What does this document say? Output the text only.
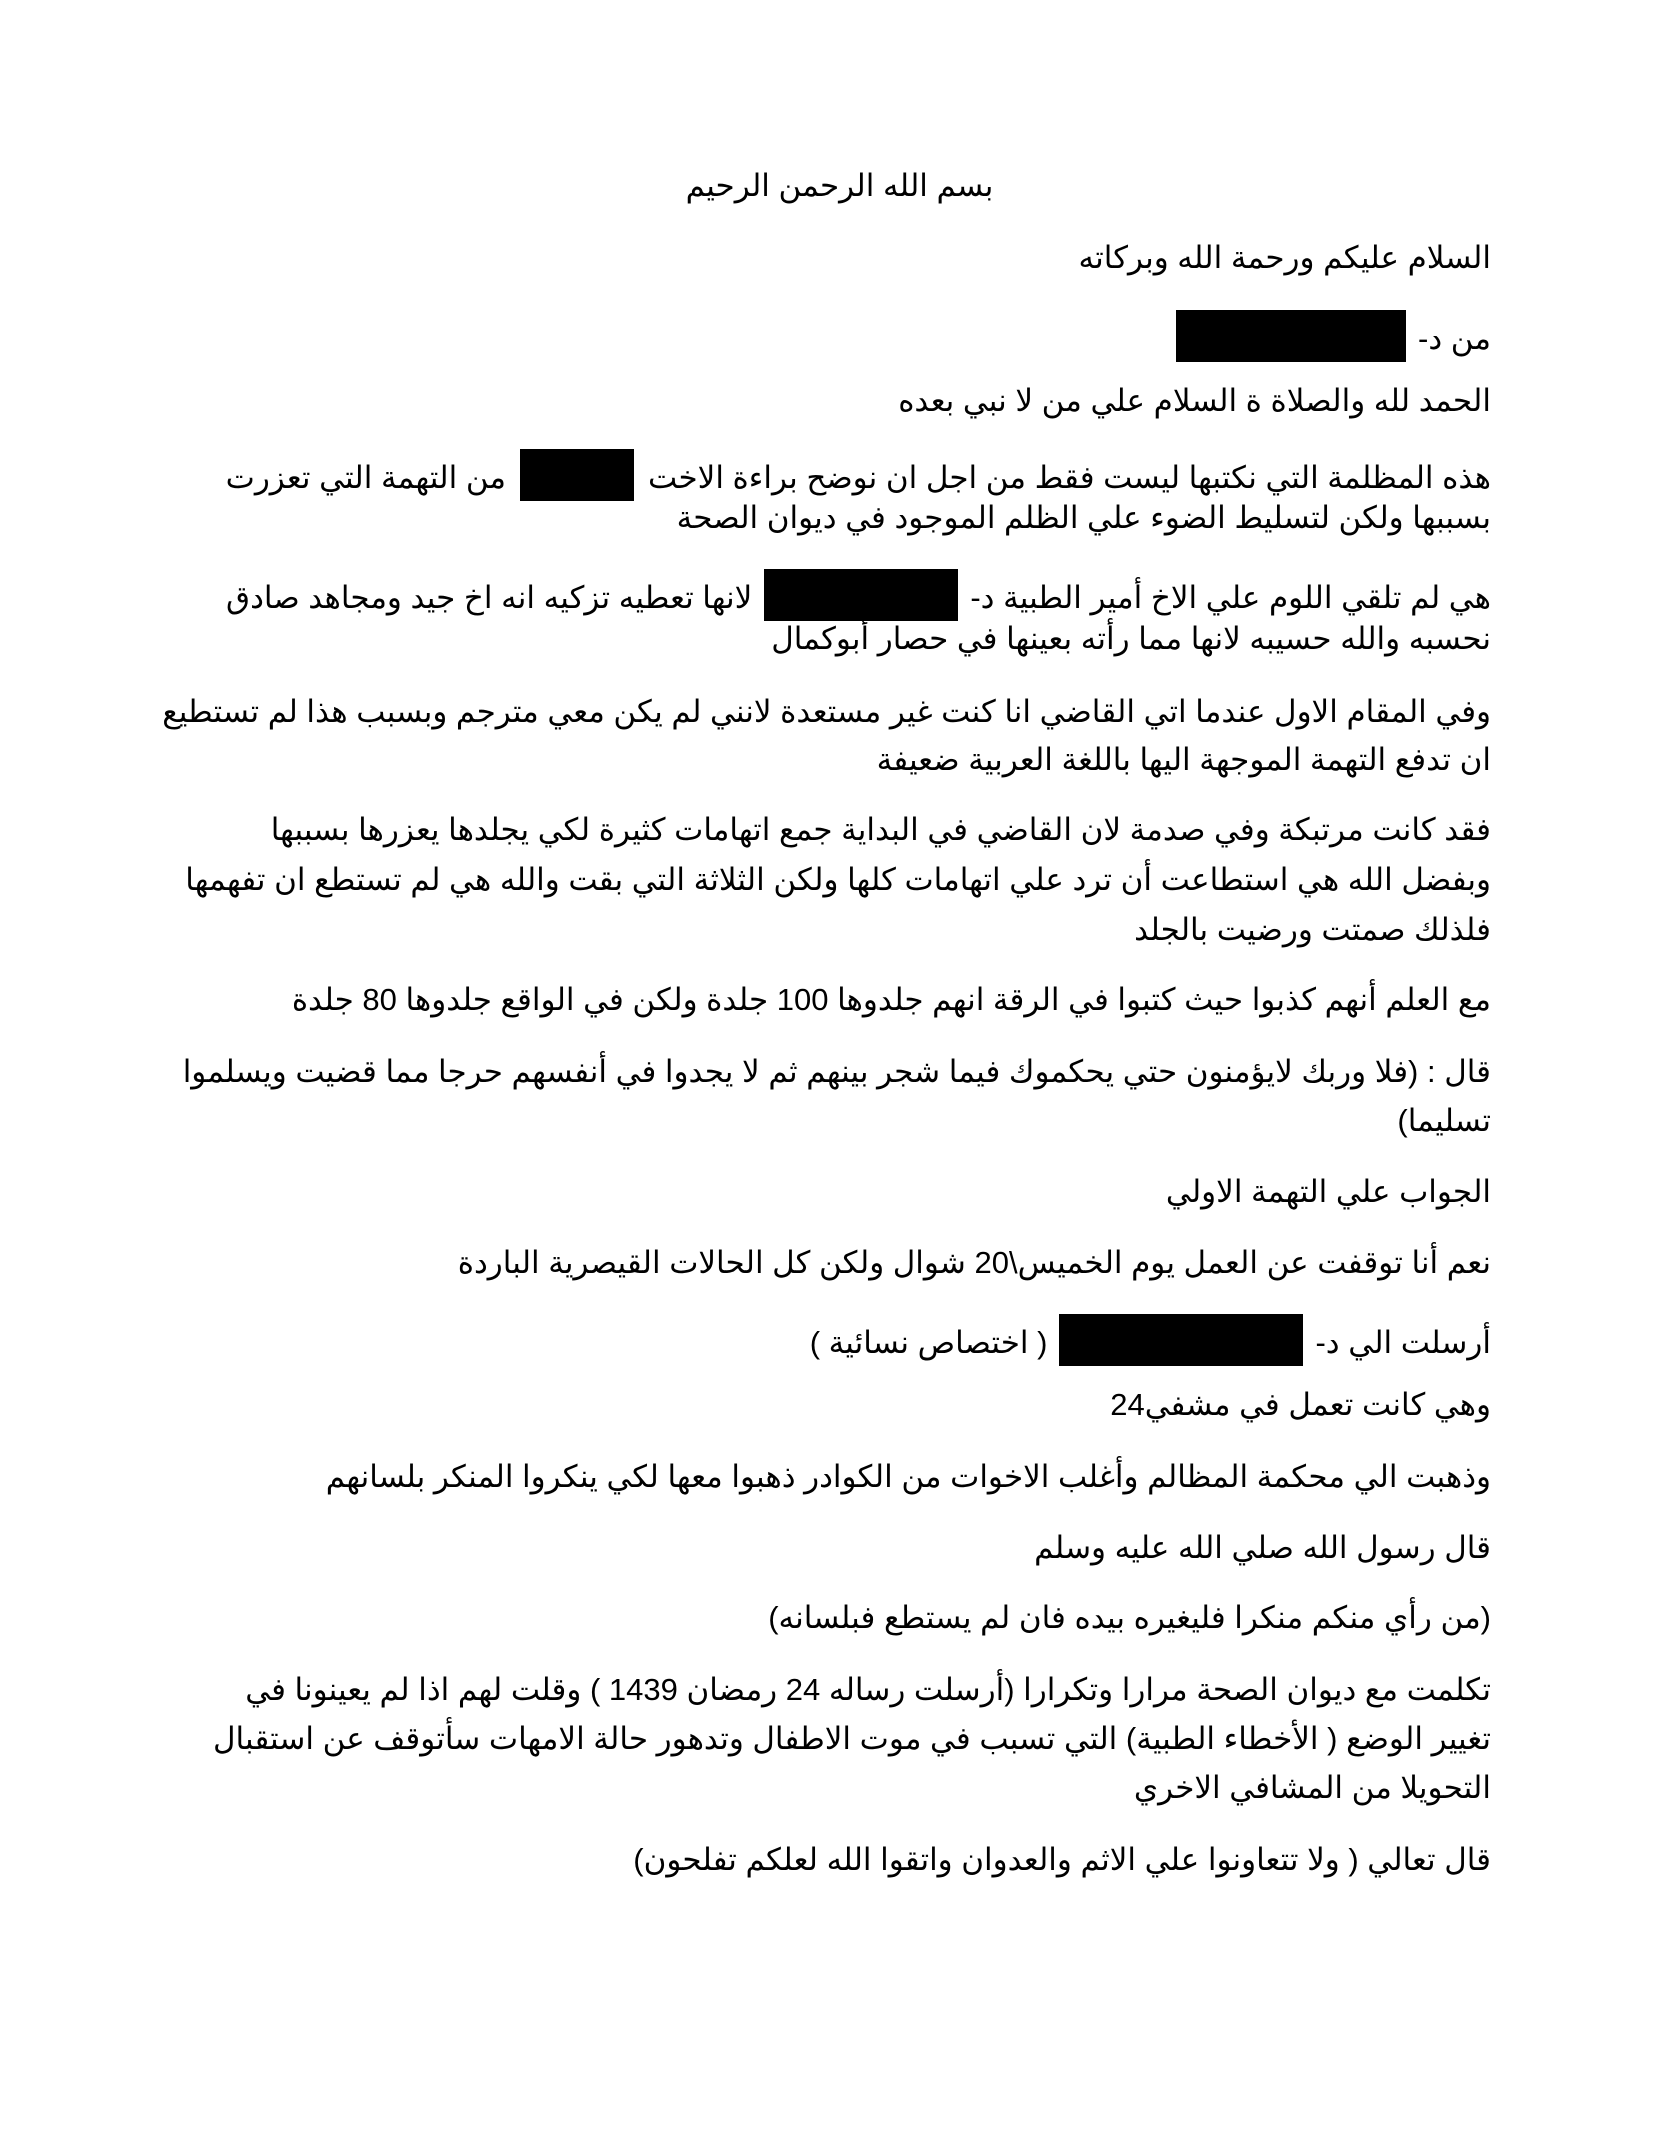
بسم الله الرحمن الرحيم
السلام عليكم ورحمة الله وبركاته
من د-
الحمد لله والصلاة ة السلام علي من لا نبي بعده
هذه المظلمة التي نكتبها ليست فقط من اجل ان نوضح براءة الاختمن التهمة التي تعزرت
بسببها ولكن لتسليط الضوء علي الظلم الموجود في ديوان الصحة
هي لم تلقي اللوم علي الاخ أمير الطبية د-لانها تعطيه تزكيه انه اخ جيد ومجاهد صادق
نحسبه والله حسيبه لانها مما رأته بعينها في حصار أبوكمال
وفي المقام الاول عندما اتي القاضي انا كنت غير مستعدة لانني لم يكن معي مترجم وبسبب هذا لم تستطيع
ان تدفع التهمة الموجهة اليها باللغة العربية ضعيفة
فقد كانت مرتبكة وفي صدمة لان القاضي في البداية جمع اتهامات كثيرة لكي يجلدها يعزرها بسببها
وبفضل الله هي استطاعت أن ترد علي اتهامات كلها ولكن الثلاثة التي بقت والله هي لم تستطع ان تفهمها
فلذلك صمتت ورضيت بالجلد
مع العلم أنهم كذبوا حيث كتبوا في الرقة انهم جلدوها 100 جلدة ولكن في الواقع جلدوها 80 جلدة
قال : (فلا وربك لايؤمنون حتي يحكموك فيما شجر بينهم ثم لا يجدوا في أنفسهم حرجا مما قضيت ويسلموا
تسليما)
الجواب علي التهمة الاولي
نعم أنا توقفت عن العمل يوم الخميس\20 شوال ولكن كل الحالات القيصرية الباردة
أرسلت الي د-( اختصاص نسائية )
وهي كانت تعمل في مشفي24
وذهبت الي محكمة المظالم وأغلب الاخوات من الكوادر ذهبوا معها لكي ينكروا المنكر بلسانهم
قال رسول الله صلي الله عليه وسلم
(من رأي منكم منكرا فليغيره بيده فان لم يستطع فبلسانه)
تكلمت مع ديوان الصحة مرارا وتكرارا (أرسلت رساله 24 رمضان 1439 ) وقلت لهم اذا لم يعينونا في
تغيير الوضع ( الأخطاء الطبية) التي تسبب في موت الاطفال وتدهور حالة الامهات سأتوقف عن استقبال
التحويلا من المشافي الاخري
قال تعالي ( ولا تتعاونوا علي الاثم والعدوان واتقوا الله لعلكم تفلحون)
